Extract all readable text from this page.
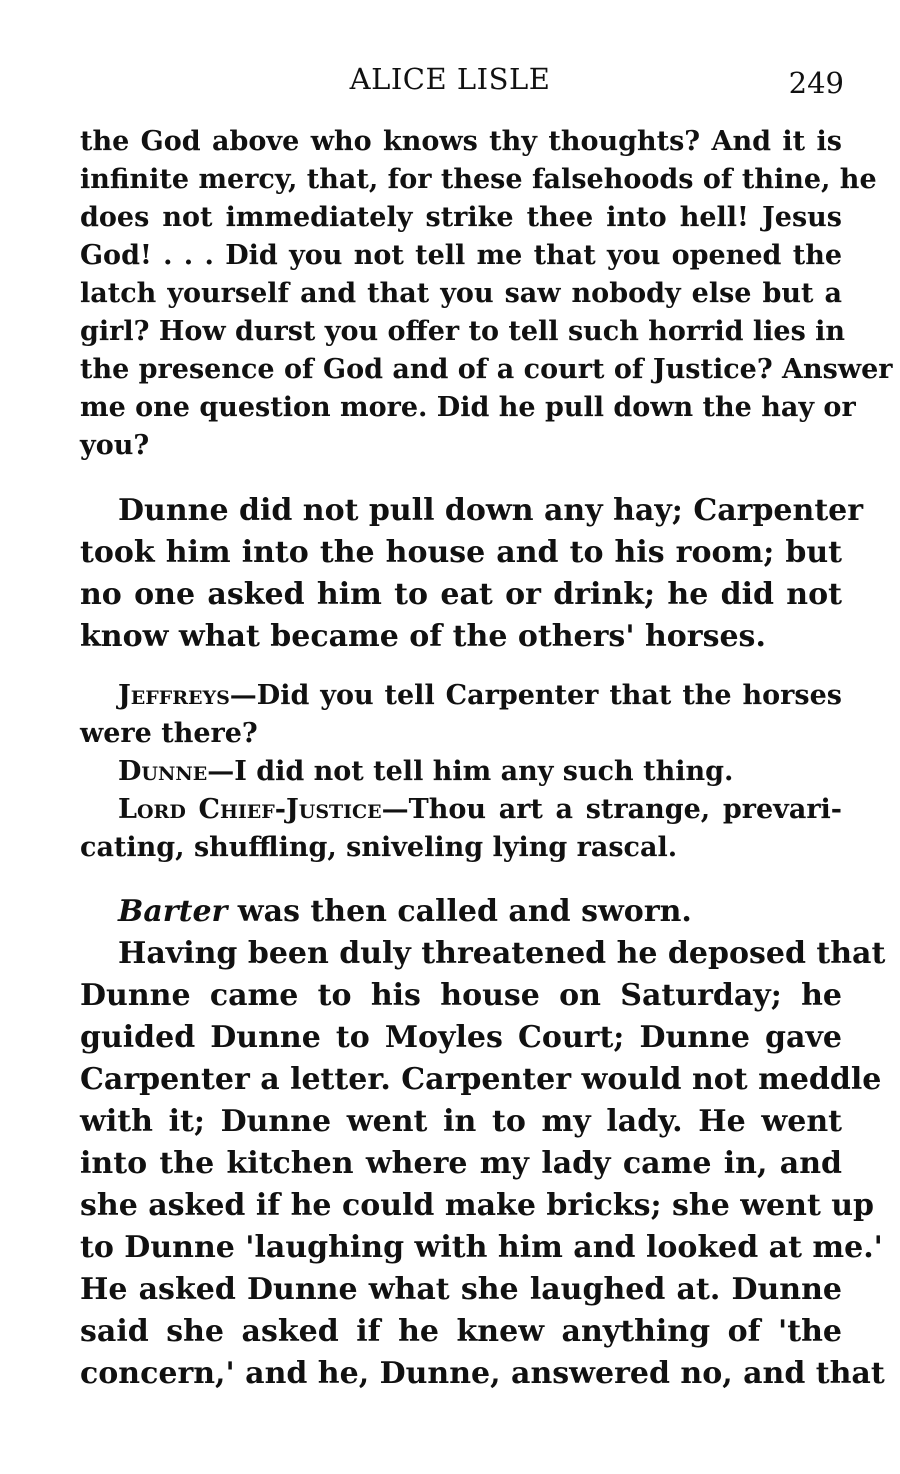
ALICE LISLE	249
the God above who knows thy thoughts? And it is
infinite mercy, that, for these falsehoods of thine, he
does not immediately strike thee into hell! Jesus
God! . . . Did you not tell me that you opened the
latch yourself and that you saw nobody else but a
girl? How durst you offer to tell such horrid lies in
the presence of God and of a court of Justice? Answer
me one question more. Did he pull down the hay or
you?
Dunne did not pull down any hay; Carpenter
took him into the house and to his room; but
no one asked him to eat or drink; he did not
know what became of the others' horses.
Jeffreys—Did you tell Carpenter that the horses
were there?
Dunne—I did not tell him any such thing.
Lord Chief-Justice—Thou art a strange, prevari-
cating, shuffling, sniveling lying rascal.
Barter was then called and sworn.
Having been duly threatened he deposed that
Dunne came to his house on Saturday; he
guided Dunne to Moyles Court; Dunne gave
Carpenter a letter. Carpenter would not meddle
with it; Dunne went in to my lady. He went
into the kitchen where my lady came in, and
she asked if he could make bricks; she went up
to Dunne 'laughing with him and looked at me.'
He asked Dunne what she laughed at. Dunne
said she asked if he knew anything of 'the
concern,' and he, Dunne, answered no, and that
